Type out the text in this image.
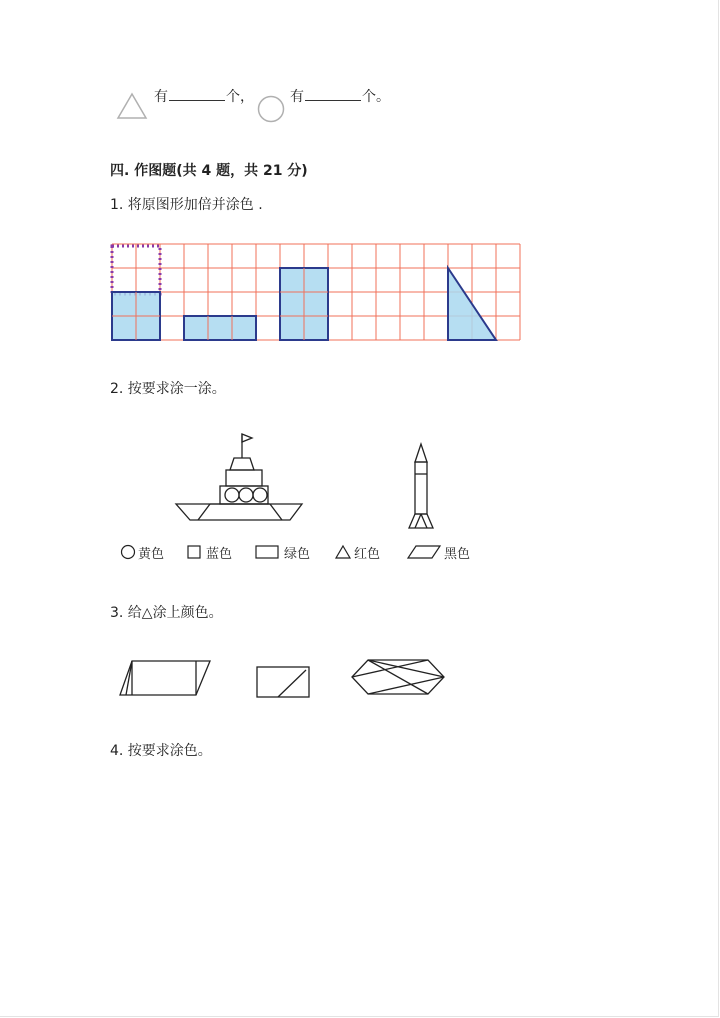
有	个，	有	个。
四. 作图题(共 4 题，共 21 分)
1. 将原图形加倍并涂色 .
2. 按要求涂一涂。
黄色	蓝色	绿色	红色	黑色
3. 给△涂上颜色。
4. 按要求涂色。
